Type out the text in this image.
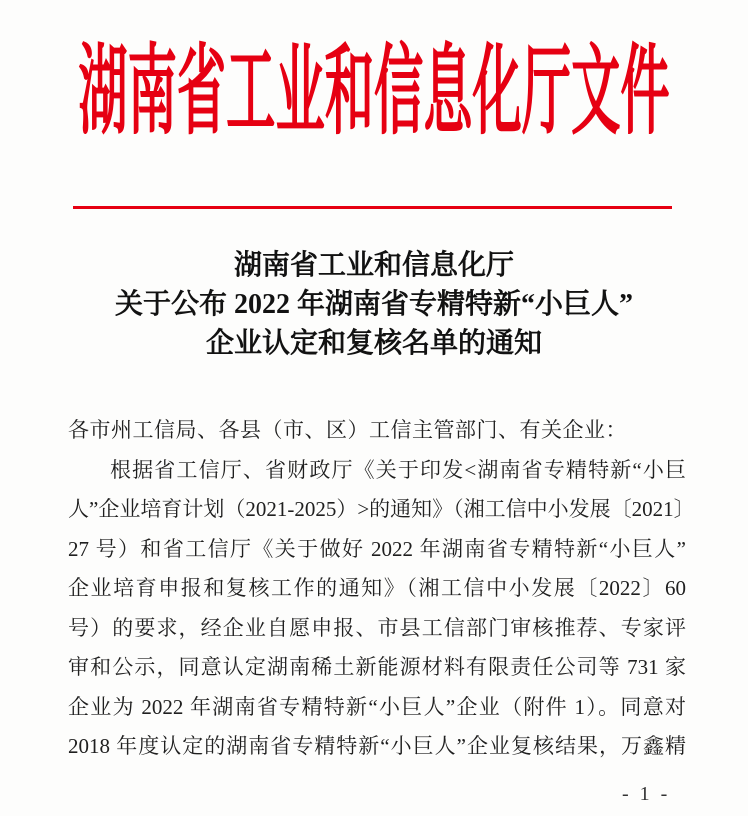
湖南省工业和信息化厅文件
湖南省工业和信息化厅
关于公布 2022 年湖南省专精特新“小巨人”
企业认定和复核名单的通知
各市州工信局、各县（市、区）工信主管部门、有关企业：
根据省工信厅、省财政厅《关于印发<湖南省专精特新“小巨
人”企业培育计划（2021-2025）>的通知》（湘工信中小发展〔2021〕
27 号）和省工信厅《关于做好 2022 年湖南省专精特新“小巨人”
企业培育申报和复核工作的通知》（湘工信中小发展〔2022〕60
号）的要求，经企业自愿申报、市县工信部门审核推荐、专家评
审和公示，同意认定湖南稀土新能源材料有限责任公司等 731 家
企业为 2022 年湖南省专精特新“小巨人”企业（附件 1）。同意对
2018 年度认定的湖南省专精特新“小巨人”企业复核结果，万鑫精
- 1 -
